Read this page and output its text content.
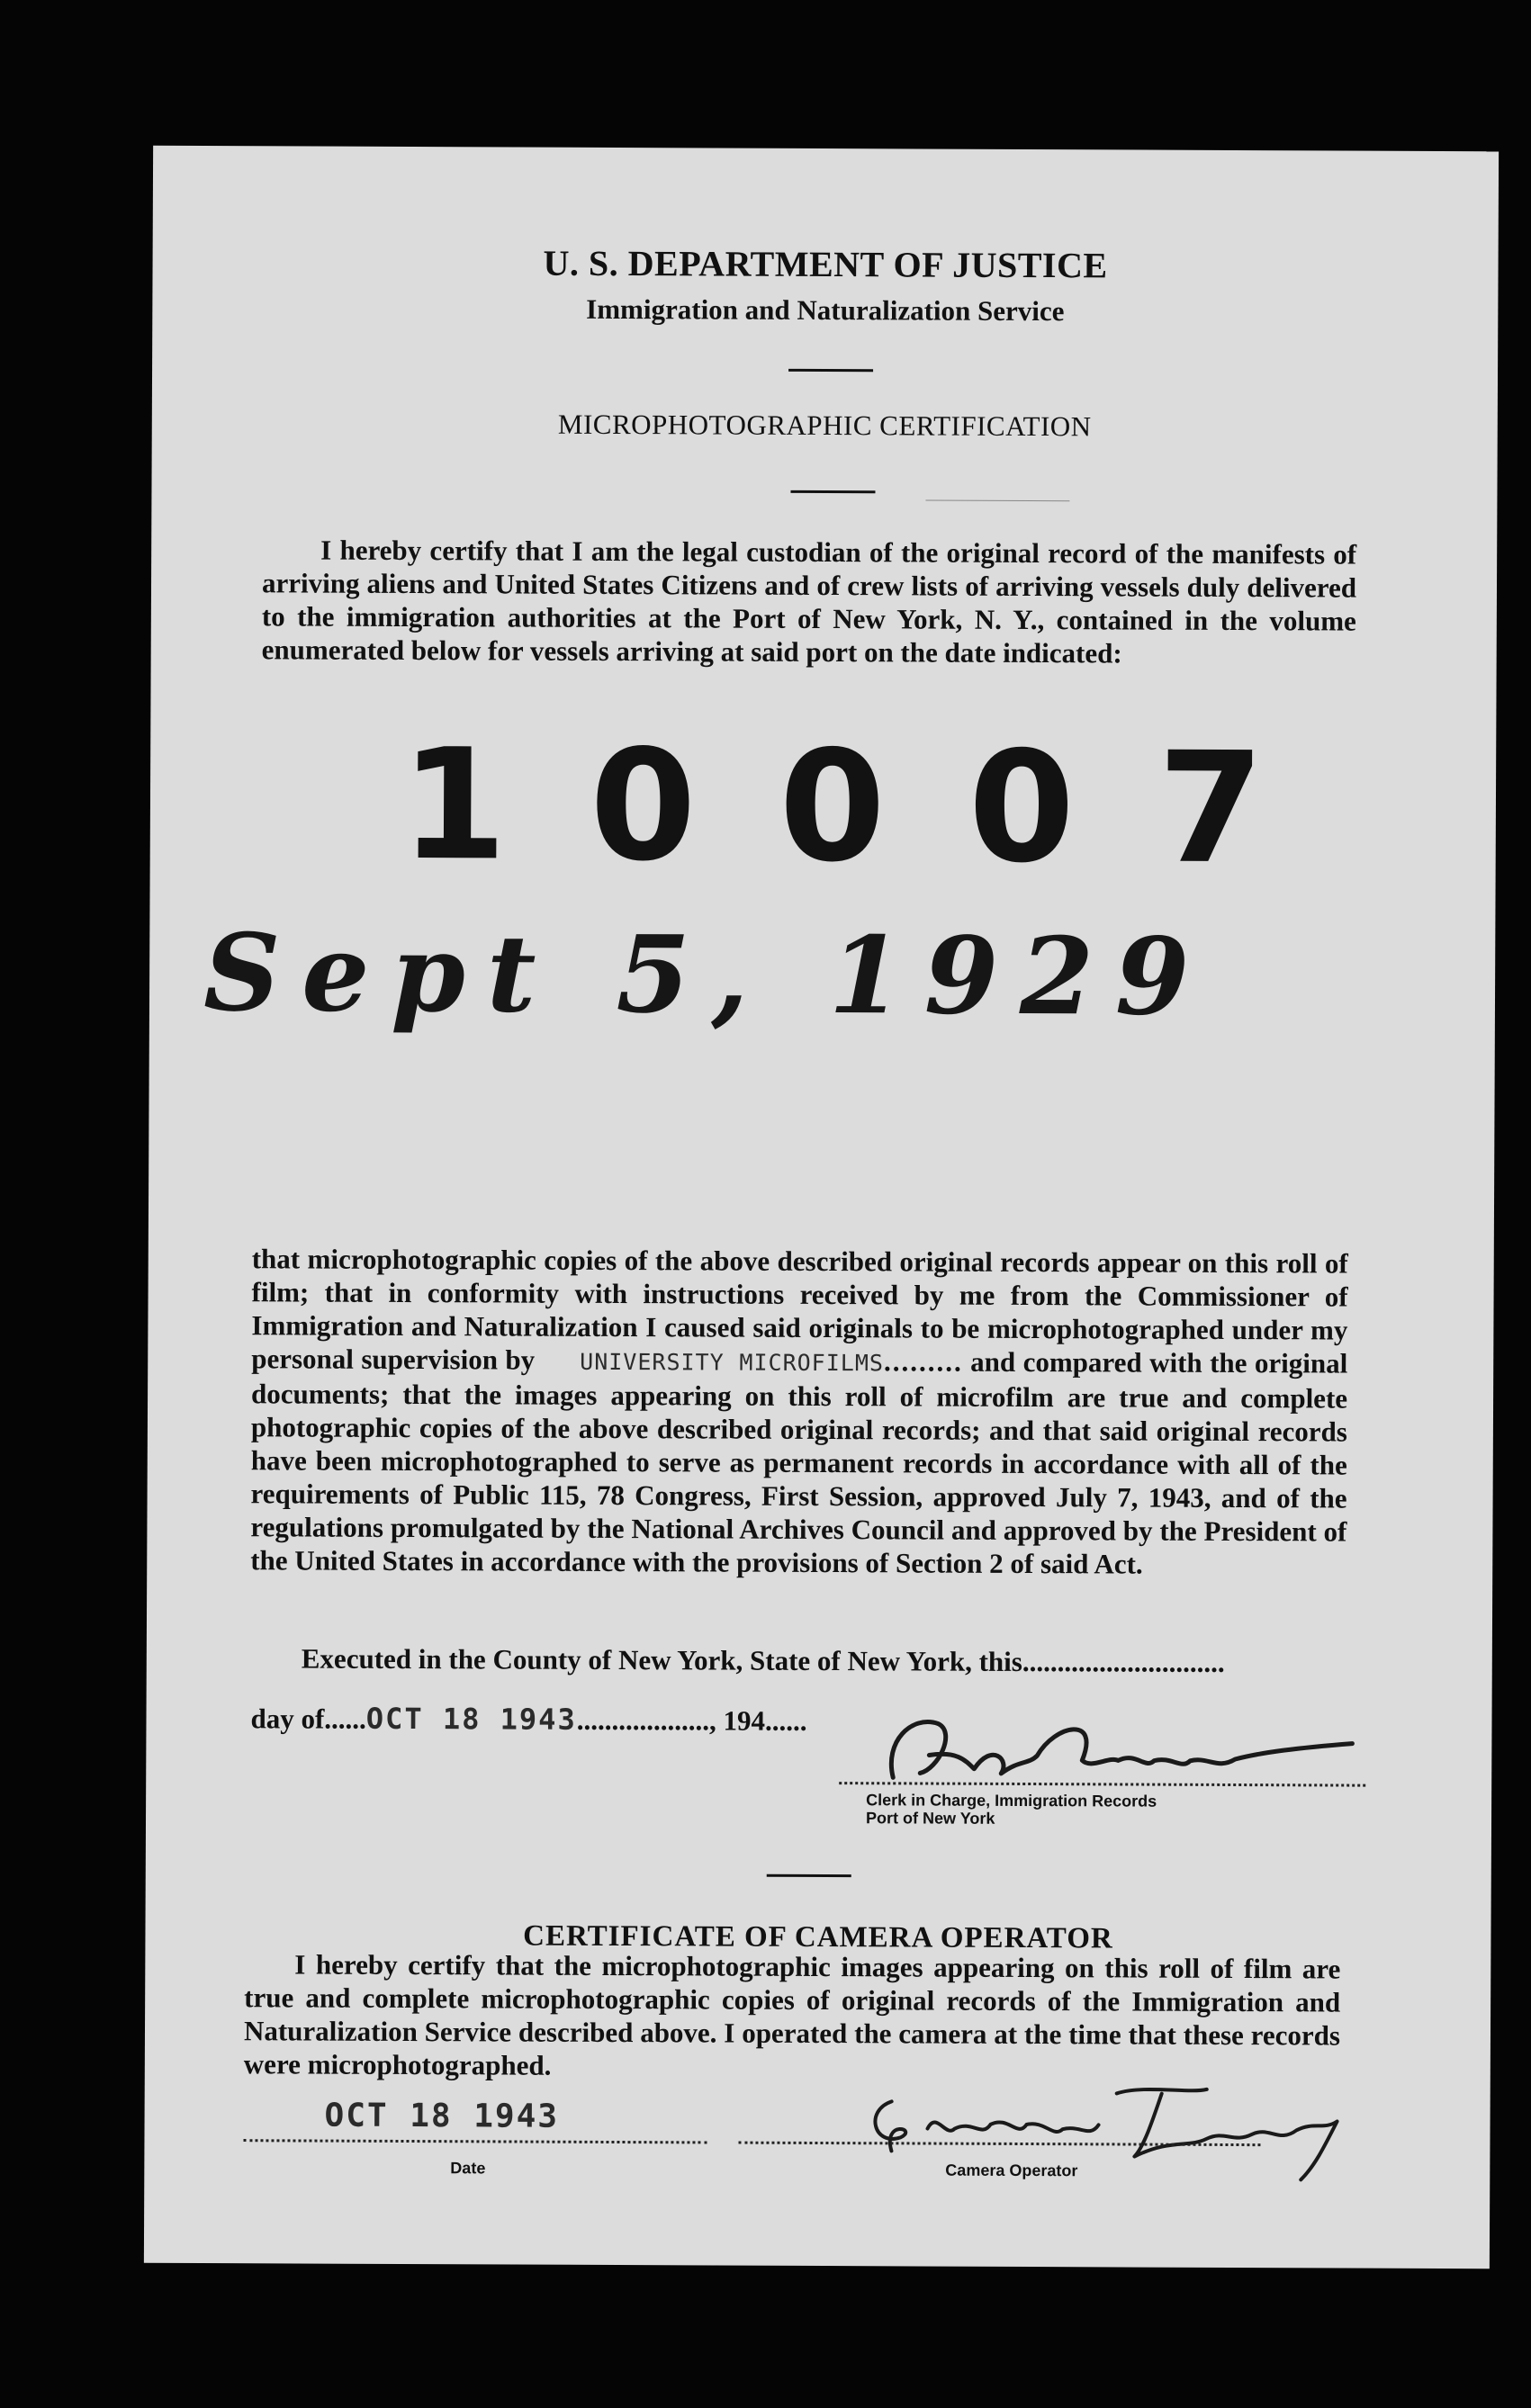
U. S. DEPARTMENT OF JUSTICE
Immigration and Naturalization Service
MICROPHOTOGRAPHIC CERTIFICATION
I hereby certify that I am the legal custodian of the original record of the manifests of arriving aliens and United States Citizens and of crew lists of arriving vessels duly delivered to the immigration authorities at the Port of New York, N. Y., contained in the volume enumerated below for vessels arriving at said port on the date indicated:
10007
Sept 5, 1929
that microphotographic copies of the above described original records appear on this roll of film; that in conformity with instructions received by me from the Commissioner of Immigration and Naturalization I caused said originals to be microphotographed under my personal supervision by UNIVERSITY MICROFILMS......... and compared with the original documents; that the images appearing on this roll of microfilm are true and complete photographic copies of the above described original records; and that said original records have been microphotographed to serve as permanent records in accordance with all of the requirements of Public 115, 78 Congress, First Session, approved July 7, 1943, and of the regulations promulgated by the National Archives Council and approved by the President of the United States in accordance with the provisions of Section 2 of said Act.
Executed in the County of New York, State of New York, this.............................
day of......OCT 18 1943..................., 194......
Clerk in Charge, Immigration Records
Port of New York
CERTIFICATE OF CAMERA OPERATOR
I hereby certify that the microphotographic images appearing on this roll of film are true and complete microphotographic copies of original records of the Immigration and Naturalization Service described above. I operated the camera at the time that these records were microphotographed.
OCT 18 1943
Date	Camera Operator
